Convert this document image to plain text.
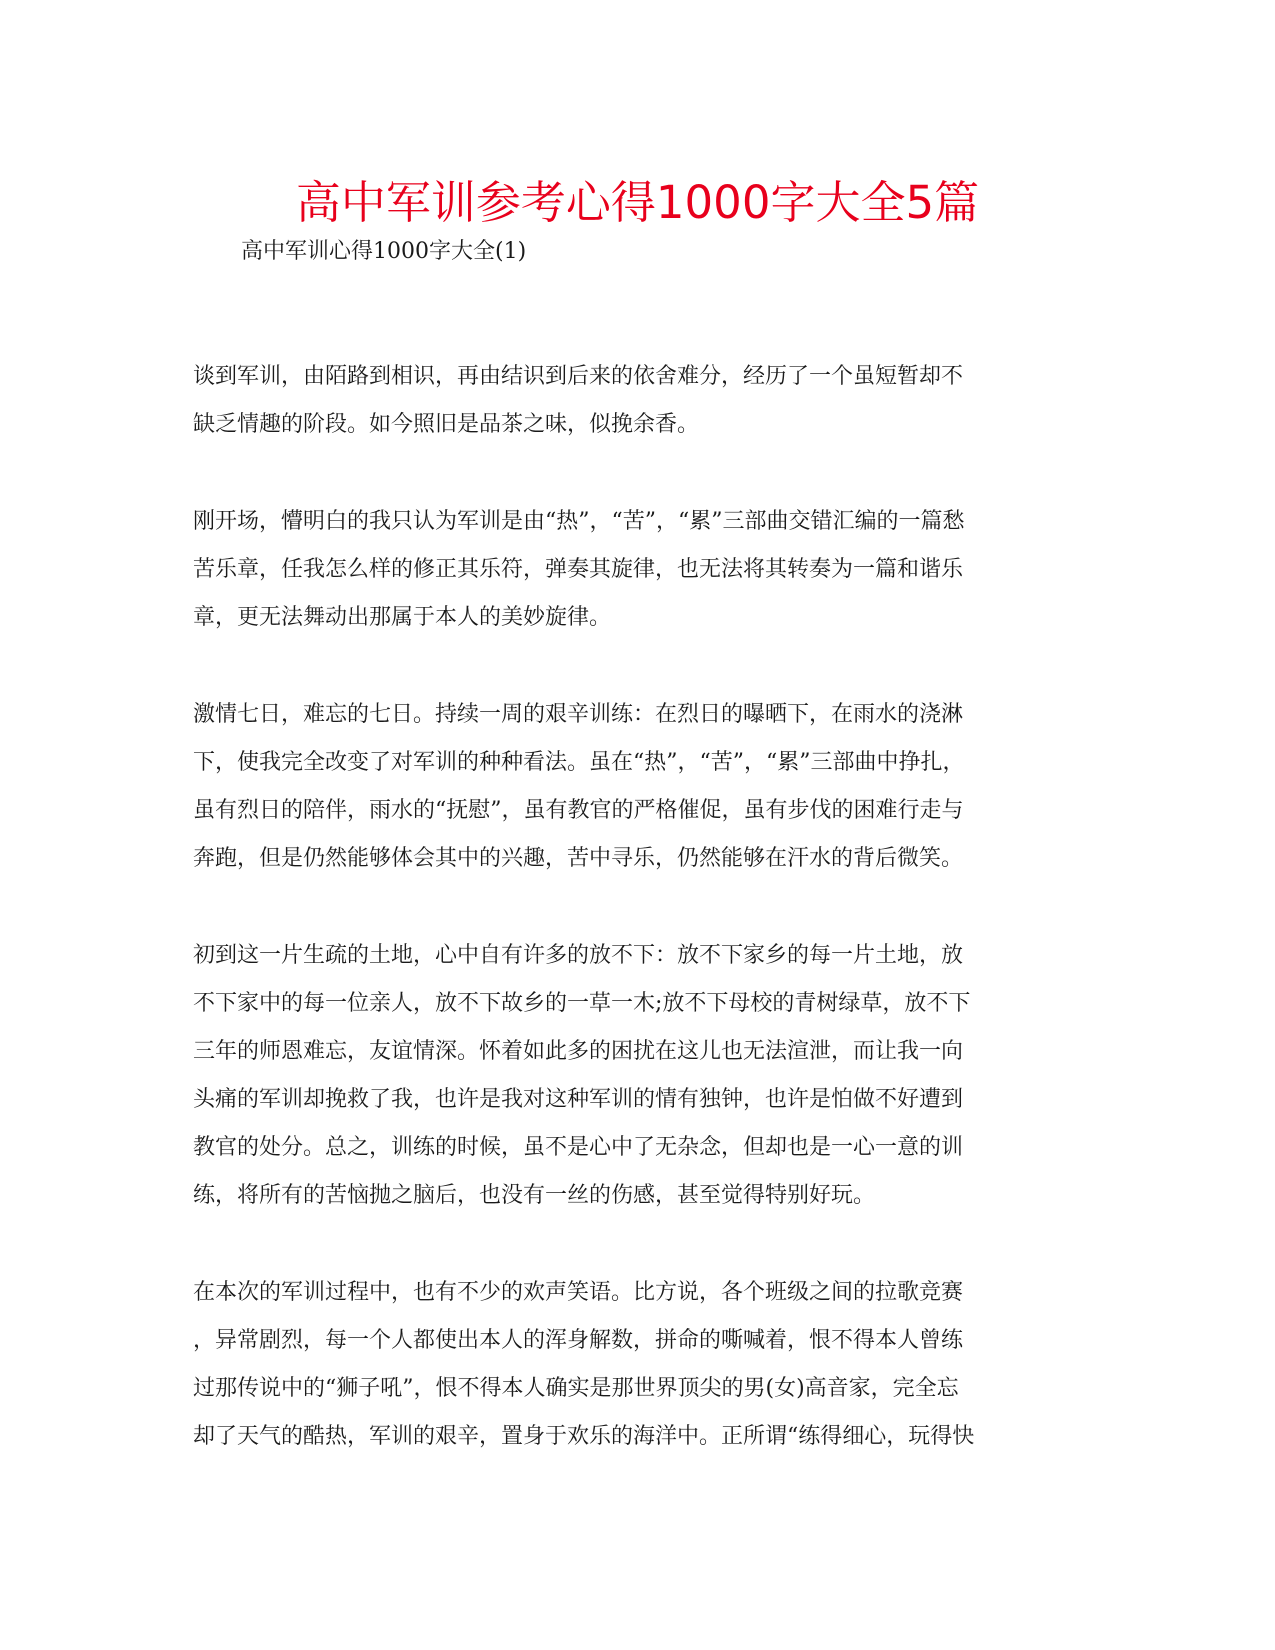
高中军训参考心得1000字大全5篇
高中军训心得1000字大全(1)
谈到军训，由陌路到相识，再由结识到后来的依舍难分，经历了一个虽短暂却不
缺乏情趣的阶段。如今照旧是品茶之味，似挽余香。
刚开场，懵明白的我只认为军训是由“热”，“苦”，“累”三部曲交错汇编的一篇愁
苦乐章，任我怎么样的修正其乐符，弹奏其旋律，也无法将其转奏为一篇和谐乐
章，更无法舞动出那属于本人的美妙旋律。
激情七日，难忘的七日。持续一周的艰辛训练：在烈日的曝晒下，在雨水的浇淋
下，使我完全改变了对军训的种种看法。虽在“热”，“苦”，“累”三部曲中挣扎，
虽有烈日的陪伴，雨水的“抚慰”，虽有教官的严格催促，虽有步伐的困难行走与
奔跑，但是仍然能够体会其中的兴趣，苦中寻乐，仍然能够在汗水的背后微笑。
初到这一片生疏的土地，心中自有许多的放不下：放不下家乡的每一片土地，放
不下家中的每一位亲人，放不下故乡的一草一木;放不下母校的青树绿草，放不下
三年的师恩难忘，友谊情深。怀着如此多的困扰在这儿也无法渲泄，而让我一向
头痛的军训却挽救了我，也许是我对这种军训的情有独钟，也许是怕做不好遭到
教官的处分。总之，训练的时候，虽不是心中了无杂念，但却也是一心一意的训
练，将所有的苦恼抛之脑后，也没有一丝的伤感，甚至觉得特别好玩。
在本次的军训过程中，也有不少的欢声笑语。比方说，各个班级之间的拉歌竞赛
，异常剧烈，每一个人都使出本人的浑身解数，拼命的嘶喊着，恨不得本人曾练
过那传说中的“狮子吼”，恨不得本人确实是那世界顶尖的男(女)高音家，完全忘
却了天气的酷热，军训的艰辛，置身于欢乐的海洋中。正所谓“练得细心，玩得快
